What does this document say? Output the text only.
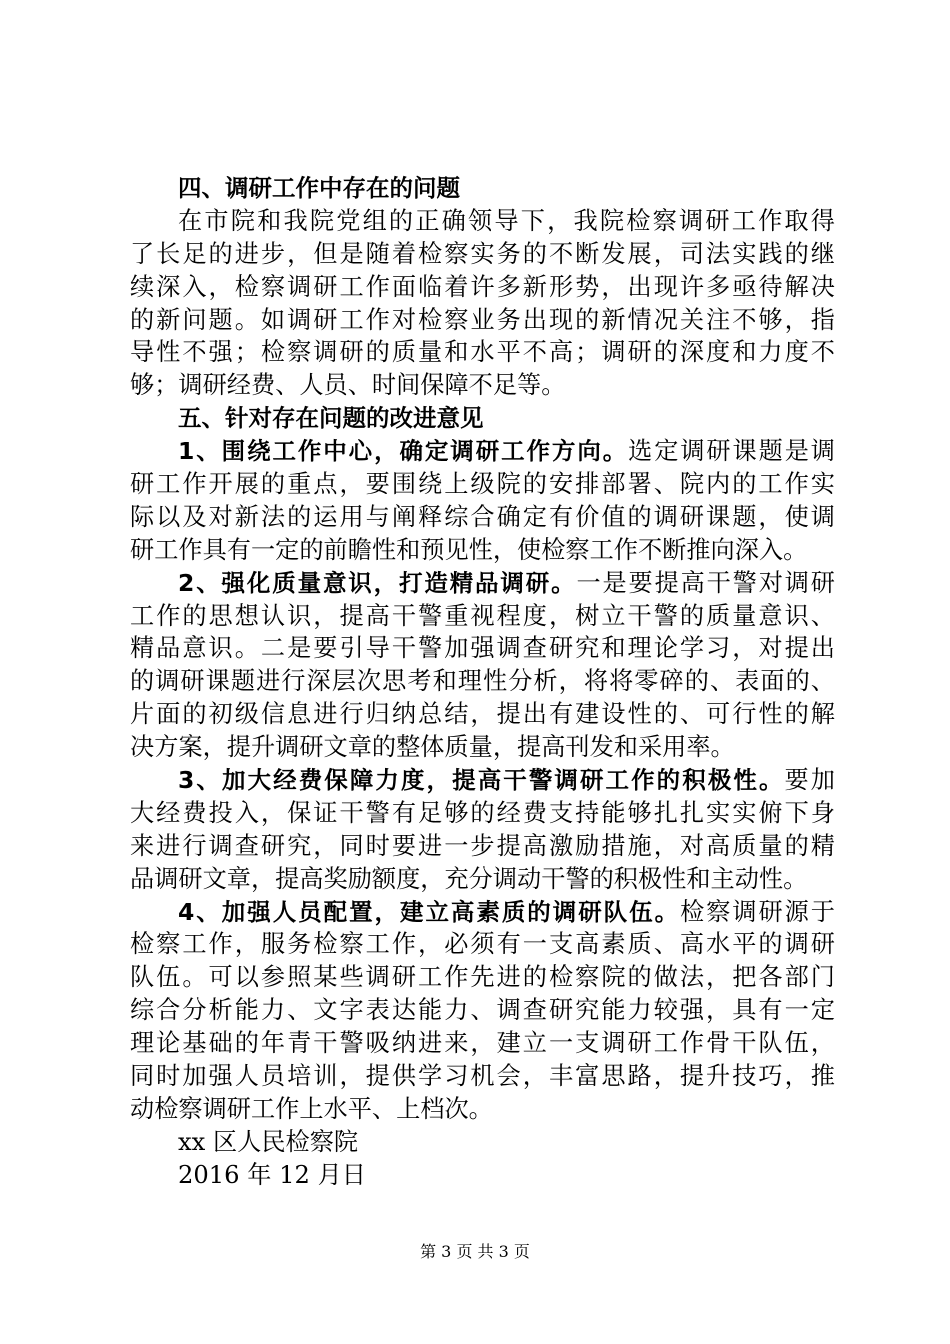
四、调研工作中存在的问题
在市院和我院党组的正确领导下，我院检察调研工作取得
了长足的进步，但是随着检察实务的不断发展，司法实践的继
续深入，检察调研工作面临着许多新形势，出现许多亟待解决
的新问题。如调研工作对检察业务出现的新情况关注不够，指
导性不强；检察调研的质量和水平不高；调研的深度和力度不
够；调研经费、人员、时间保障不足等。
五、针对存在问题的改进意见
1、围绕工作中心，确定调研工作方向。选定调研课题是调
研工作开展的重点，要围绕上级院的安排部署、院内的工作实
际以及对新法的运用与阐释综合确定有价值的调研课题，使调
研工作具有一定的前瞻性和预见性，使检察工作不断推向深入。
2、强化质量意识，打造精品调研。一是要提高干警对调研
工作的思想认识，提高干警重视程度，树立干警的质量意识、
精品意识。二是要引导干警加强调查研究和理论学习，对提出
的调研课题进行深层次思考和理性分析，将将零碎的、表面的、
片面的初级信息进行归纳总结，提出有建设性的、可行性的解
决方案，提升调研文章的整体质量，提高刊发和采用率。
3、加大经费保障力度，提高干警调研工作的积极性。要加
大经费投入，保证干警有足够的经费支持能够扎扎实实俯下身
来进行调查研究，同时要进一步提高激励措施，对高质量的精
品调研文章，提高奖励额度，充分调动干警的积极性和主动性。
4、加强人员配置，建立高素质的调研队伍。检察调研源于
检察工作，服务检察工作，必须有一支高素质、高水平的调研
队伍。可以参照某些调研工作先进的检察院的做法，把各部门
综合分析能力、文字表达能力、调查研究能力较强，具有一定
理论基础的年青干警吸纳进来，建立一支调研工作骨干队伍，
同时加强人员培训，提供学习机会，丰富思路，提升技巧，推
动检察调研工作上水平、上档次。
xx 区人民检察院
2016 年 12 月日
第 3 页 共 3 页
